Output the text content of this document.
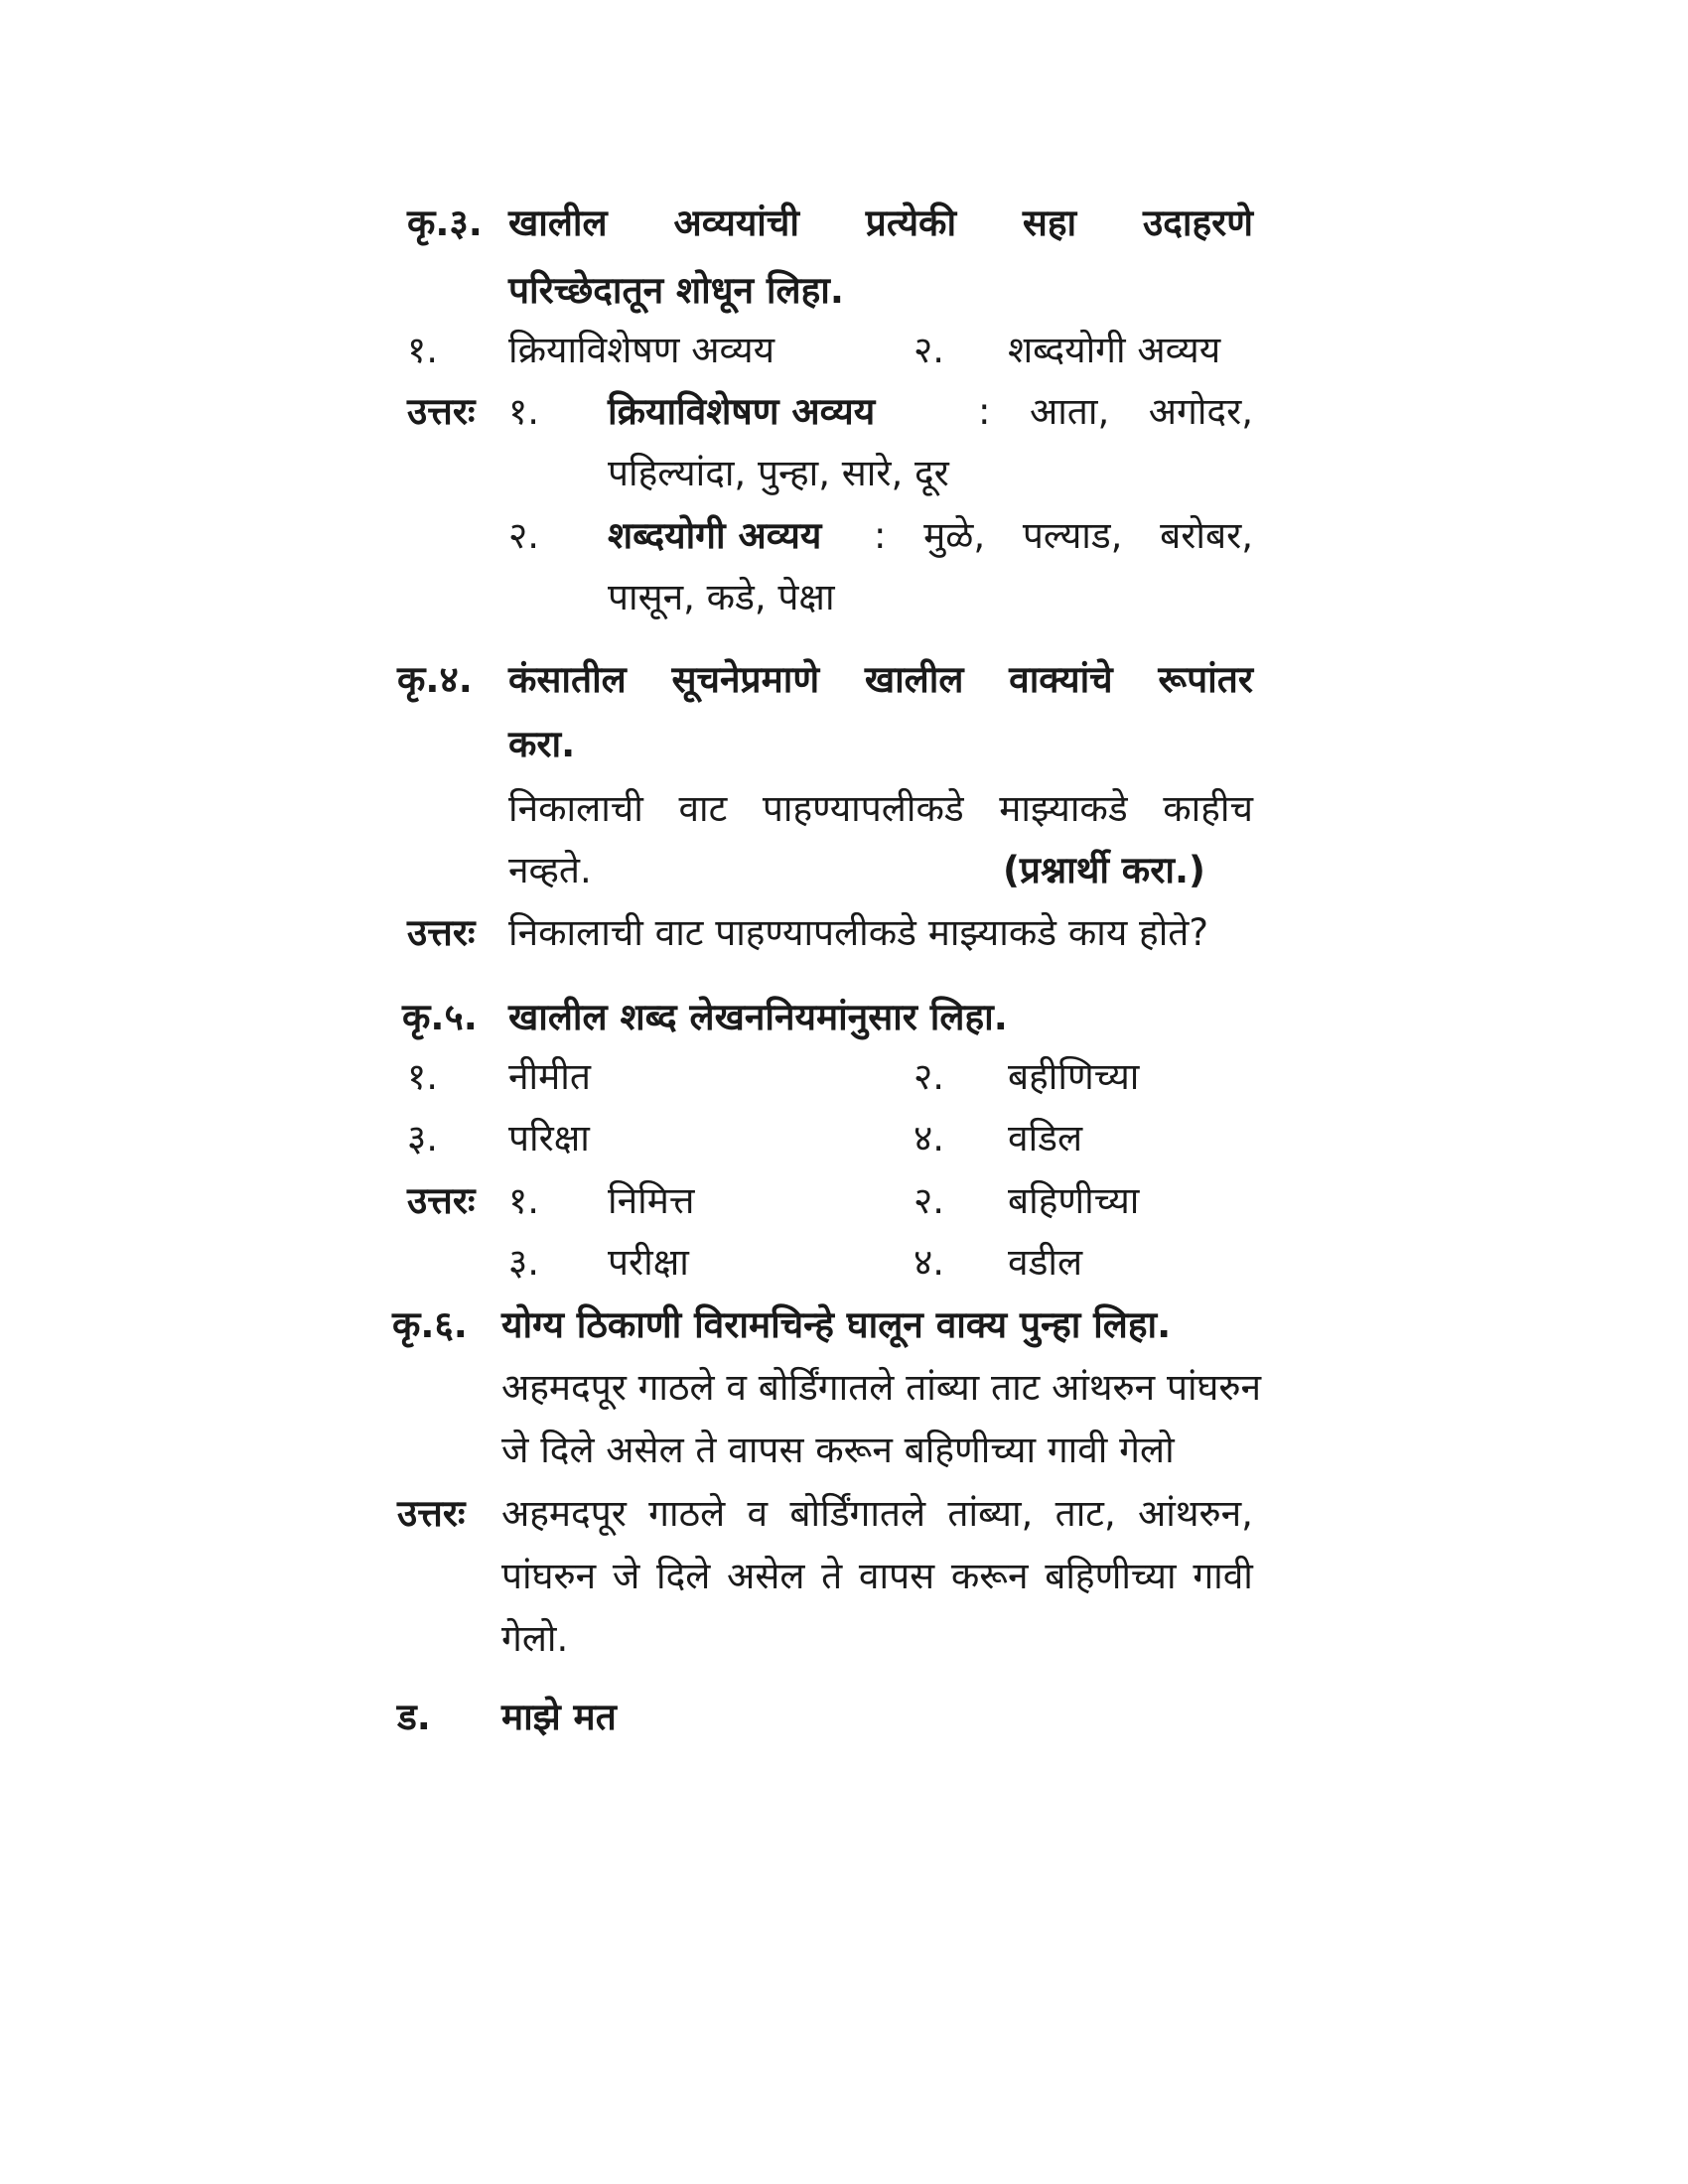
कृ.३. खालील अव्ययांची प्रत्येकी सहा उदाहरणे
परिच्छेदातून शोधून लिहा.
१. क्रियाविशेषण अव्यय	२. शब्दयोगी अव्यय
उत्तरः १. क्रियाविशेषण अव्यय	: आता, अगोदर,
पहिल्यांदा, पुन्हा, सारे, दूर
२. शब्दयोगी अव्यय : मुळे, पल्याड, बरोबर,
पासून, कडे, पेक्षा
कृ.४. कंसातील सूचनेप्रमाणे खालील वाक्यांचे रूपांतर
करा.
निकालाची वाट पाहण्यापलीकडे माझ्याकडे काहीच
नव्हते.	(प्रश्नार्थी करा.)
उत्तरः निकालाची वाट पाहण्यापलीकडे माझ्याकडे काय होते?
कृ.५. खालील शब्द लेखननियमांनुसार लिहा.
१. नीमीत	२. बहीणिच्या
३. परिक्षा	४. वडिल
उत्तरः १. निमित्त	२. बहिणीच्या
३. परीक्षा	४. वडील
कृ.६. योग्य ठिकाणी विरामचिन्हे घालून वाक्य पुन्हा लिहा.
अहमदपूर गाठले व बोर्डिंगातले तांब्या ताट आंथरुन पांघरुन
जे दिले असेल ते वापस करून बहिणीच्या गावी गेलो
उत्तरः अहमदपूर गाठले व बोर्डिंगातले तांब्या, ताट, आंथरुन,
पांघरुन जे दिले असेल ते वापस करून बहिणीच्या गावी
गेलो.
ड. माझे मत
